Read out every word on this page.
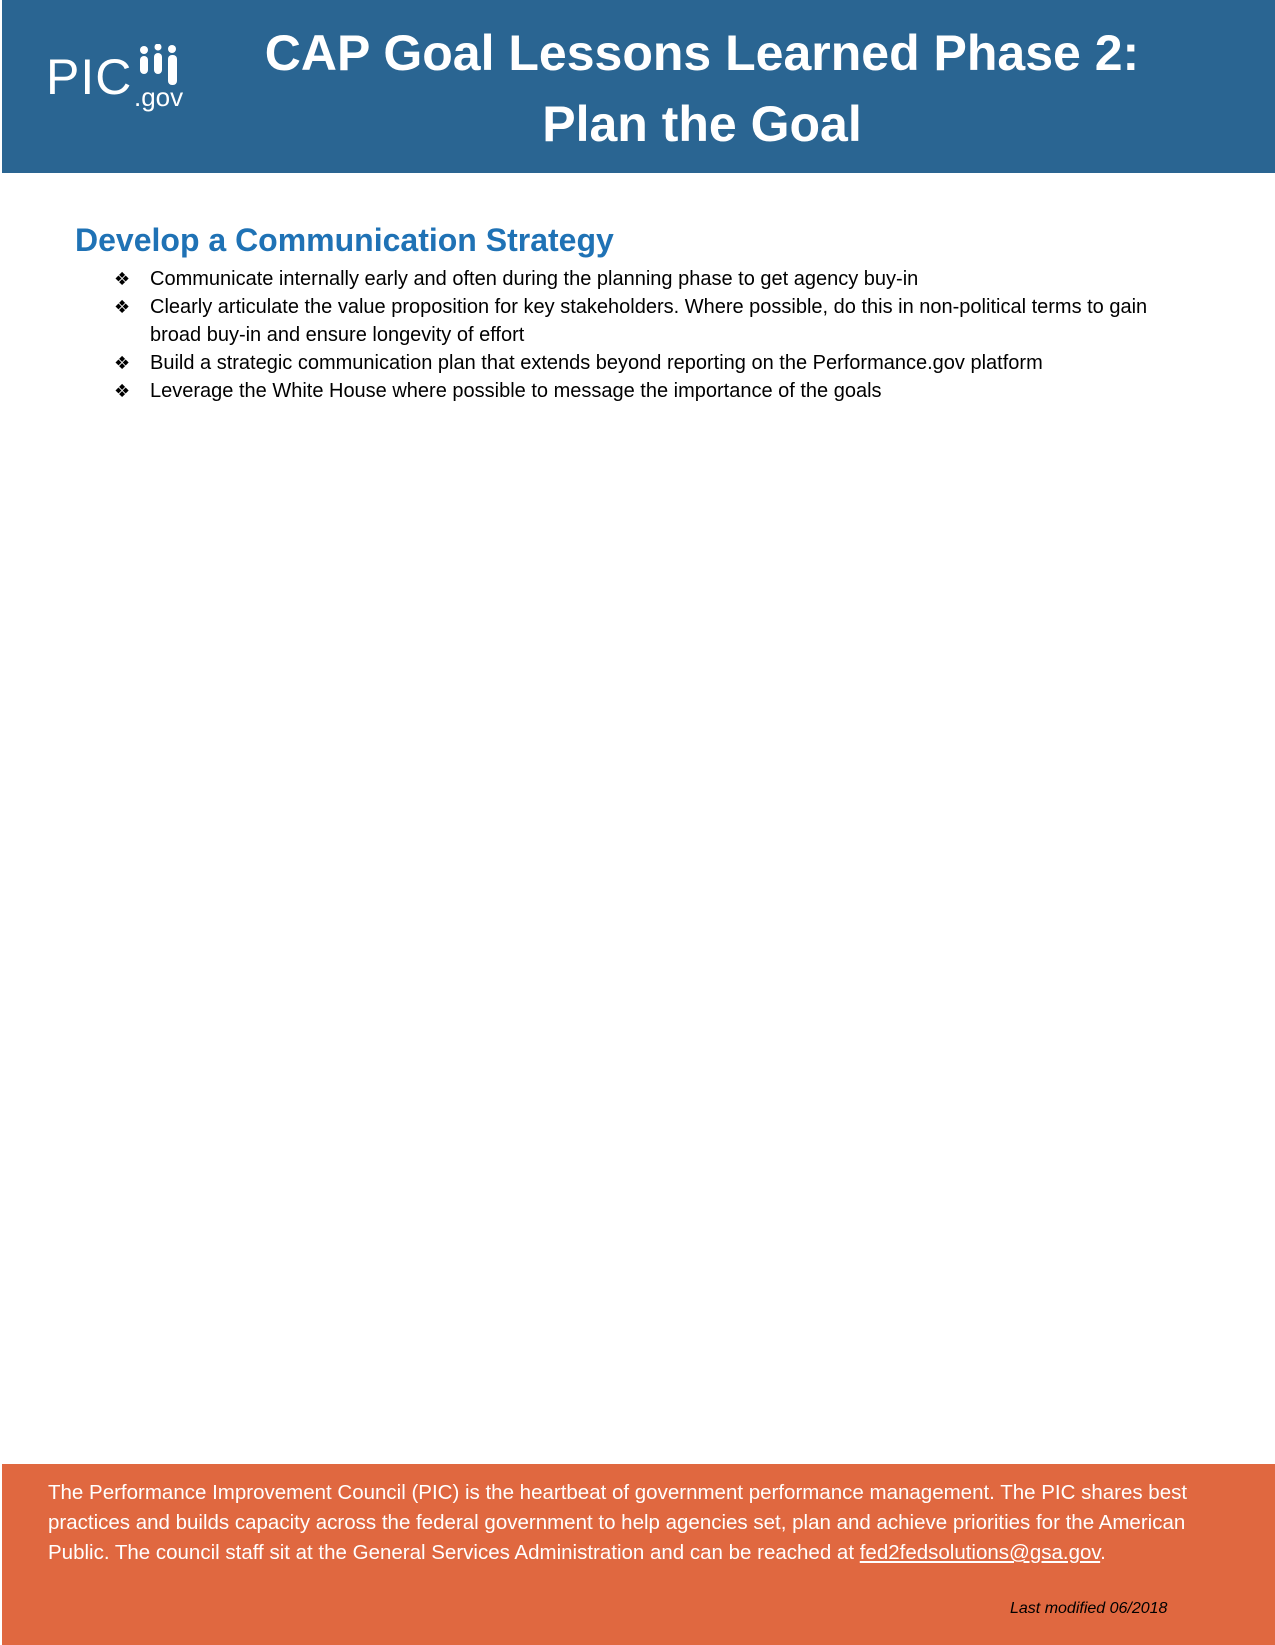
PIC .gov
CAP Goal Lessons Learned Phase 2: Plan the Goal
Develop a Communication Strategy
❖ Communicate internally early and often during the planning phase to get agency buy-in
❖ Clearly articulate the value proposition for key stakeholders. Where possible, do this in non-political terms to gain broad buy-in and ensure longevity of effort
❖ Build a strategic communication plan that extends beyond reporting on the Performance.gov platform
❖ Leverage the White House where possible to message the importance of the goals
The Performance Improvement Council (PIC) is the heartbeat of government performance management. The PIC shares best practices and builds capacity across the federal government to help agencies set, plan and achieve priorities for the American Public. The council staff sit at the General Services Administration and can be reached at fed2fedsolutions@gsa.gov.
Last modified 06/2018
